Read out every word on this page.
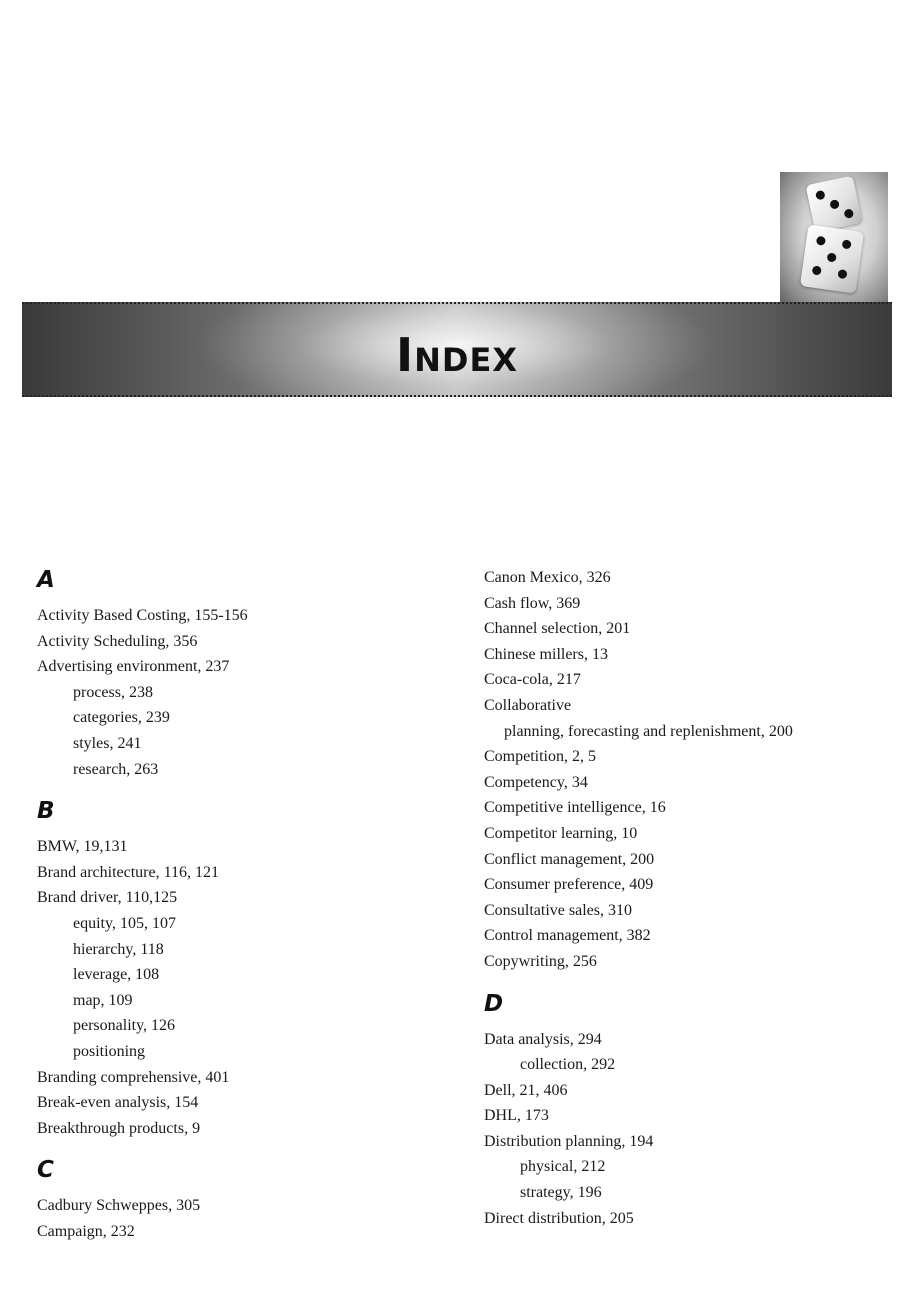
INDEX
A
Activity Based Costing, 155-156
Activity Scheduling, 356
Advertising environment, 237
process, 238
categories, 239
styles, 241
research, 263
B
BMW, 19,131
Brand architecture, 116, 121
Brand driver, 110,125
equity, 105, 107
hierarchy, 118
leverage, 108
map, 109
personality, 126
positioning
Branding comprehensive, 401
Break-even analysis, 154
Breakthrough products, 9
C
Cadbury Schweppes, 305
Campaign, 232
Canon Mexico, 326
Cash flow, 369
Channel selection, 201
Chinese millers, 13
Coca-cola, 217
Collaborative
planning, forecasting and replenishment, 200
Competition, 2, 5
Competency, 34
Competitive intelligence, 16
Competitor learning, 10
Conflict management, 200
Consumer preference, 409
Consultative sales, 310
Control management, 382
Copywriting, 256
D
Data analysis, 294
collection, 292
Dell, 21, 406
DHL, 173
Distribution planning, 194
physical, 212
strategy, 196
Direct distribution, 205
